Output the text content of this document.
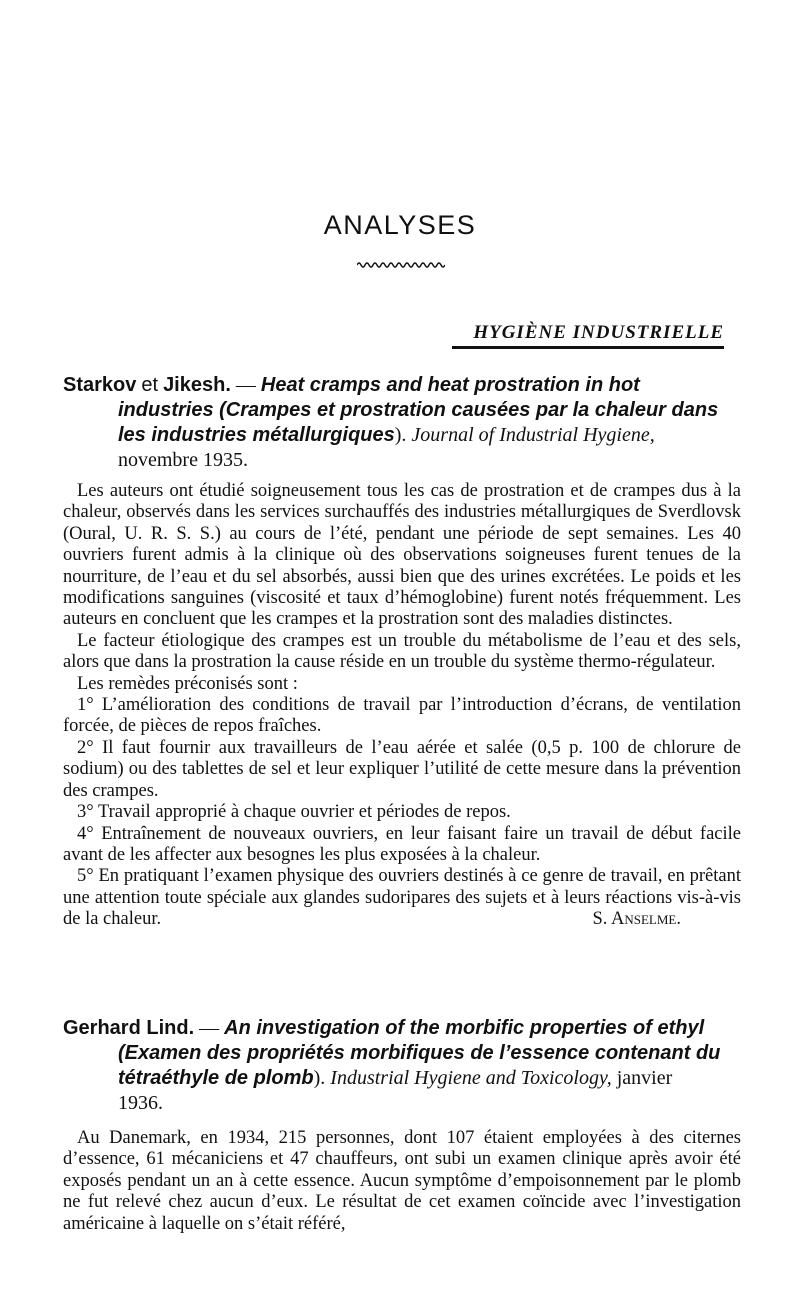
ANALYSES
HYGIÈNE INDUSTRIELLE
Starkov et Jikesh. — Heat cramps and heat prostration in hot
industries (Crampes et prostration causées par la chaleur dans
les industries métallurgiques). Journal of Industrial Hygiene,
novembre 1935.

Les auteurs ont étudié soigneusement tous les cas de prostration et de crampes dus à la chaleur, observés dans les services surchauffés des industries métallurgiques de Sverdlovsk (Oural, U. R. S. S.) au cours de l’été, pendant une période de sept semaines. Les 40 ouvriers furent admis à la clinique où des observations soigneuses furent tenues de la nourriture, de l’eau et du sel absorbés, aussi bien que des urines excrétées. Le poids et les modifications sanguines (viscosité et taux d’hémoglobine) furent notés fréquemment. Les auteurs en concluent que les crampes et la prostration sont des maladies distinctes.

Le facteur étiologique des crampes est un trouble du métabolisme de l’eau et des sels, alors que dans la prostration la cause réside en un trouble du système thermo-régulateur.

Les remèdes préconisés sont :

1° L’amélioration des conditions de travail par l’introduction d’écrans, de ventilation forcée, de pièces de repos fraîches.

2° Il faut fournir aux travailleurs de l’eau aérée et salée (0,5 p. 100 de chlorure de sodium) ou des tablettes de sel et leur expliquer l’utilité de cette mesure dans la prévention des crampes.

3° Travail approprié à chaque ouvrier et périodes de repos.

4° Entraînement de nouveaux ouvriers, en leur faisant faire un travail de début facile avant de les affecter aux besognes les plus exposées à la chaleur.

5° En pratiquant l’examen physique des ouvriers destinés à ce genre de travail, en prêtant une attention toute spéciale aux glandes sudoripares des sujets et à leurs réactions vis-à-vis de la chaleur.	S. Anselme.

Gerhard Lind. — An investigation of the morbific properties of ethyl
(Examen des propriétés morbifiques de l’essence contenant du
tétraéthyle de plomb). Industrial Hygiene and Toxicology, janvier
1936.

Au Danemark, en 1934, 215 personnes, dont 107 étaient employées à des citernes d’essence, 61 mécaniciens et 47 chauffeurs, ont subi un examen clinique après avoir été exposés pendant un an à cette essence. Aucun symptôme d’empoisonnement par le plomb ne fut relevé chez aucun d’eux. Le résultat de cet examen coïncide avec l’investigation américaine à laquelle on s’était référé,
